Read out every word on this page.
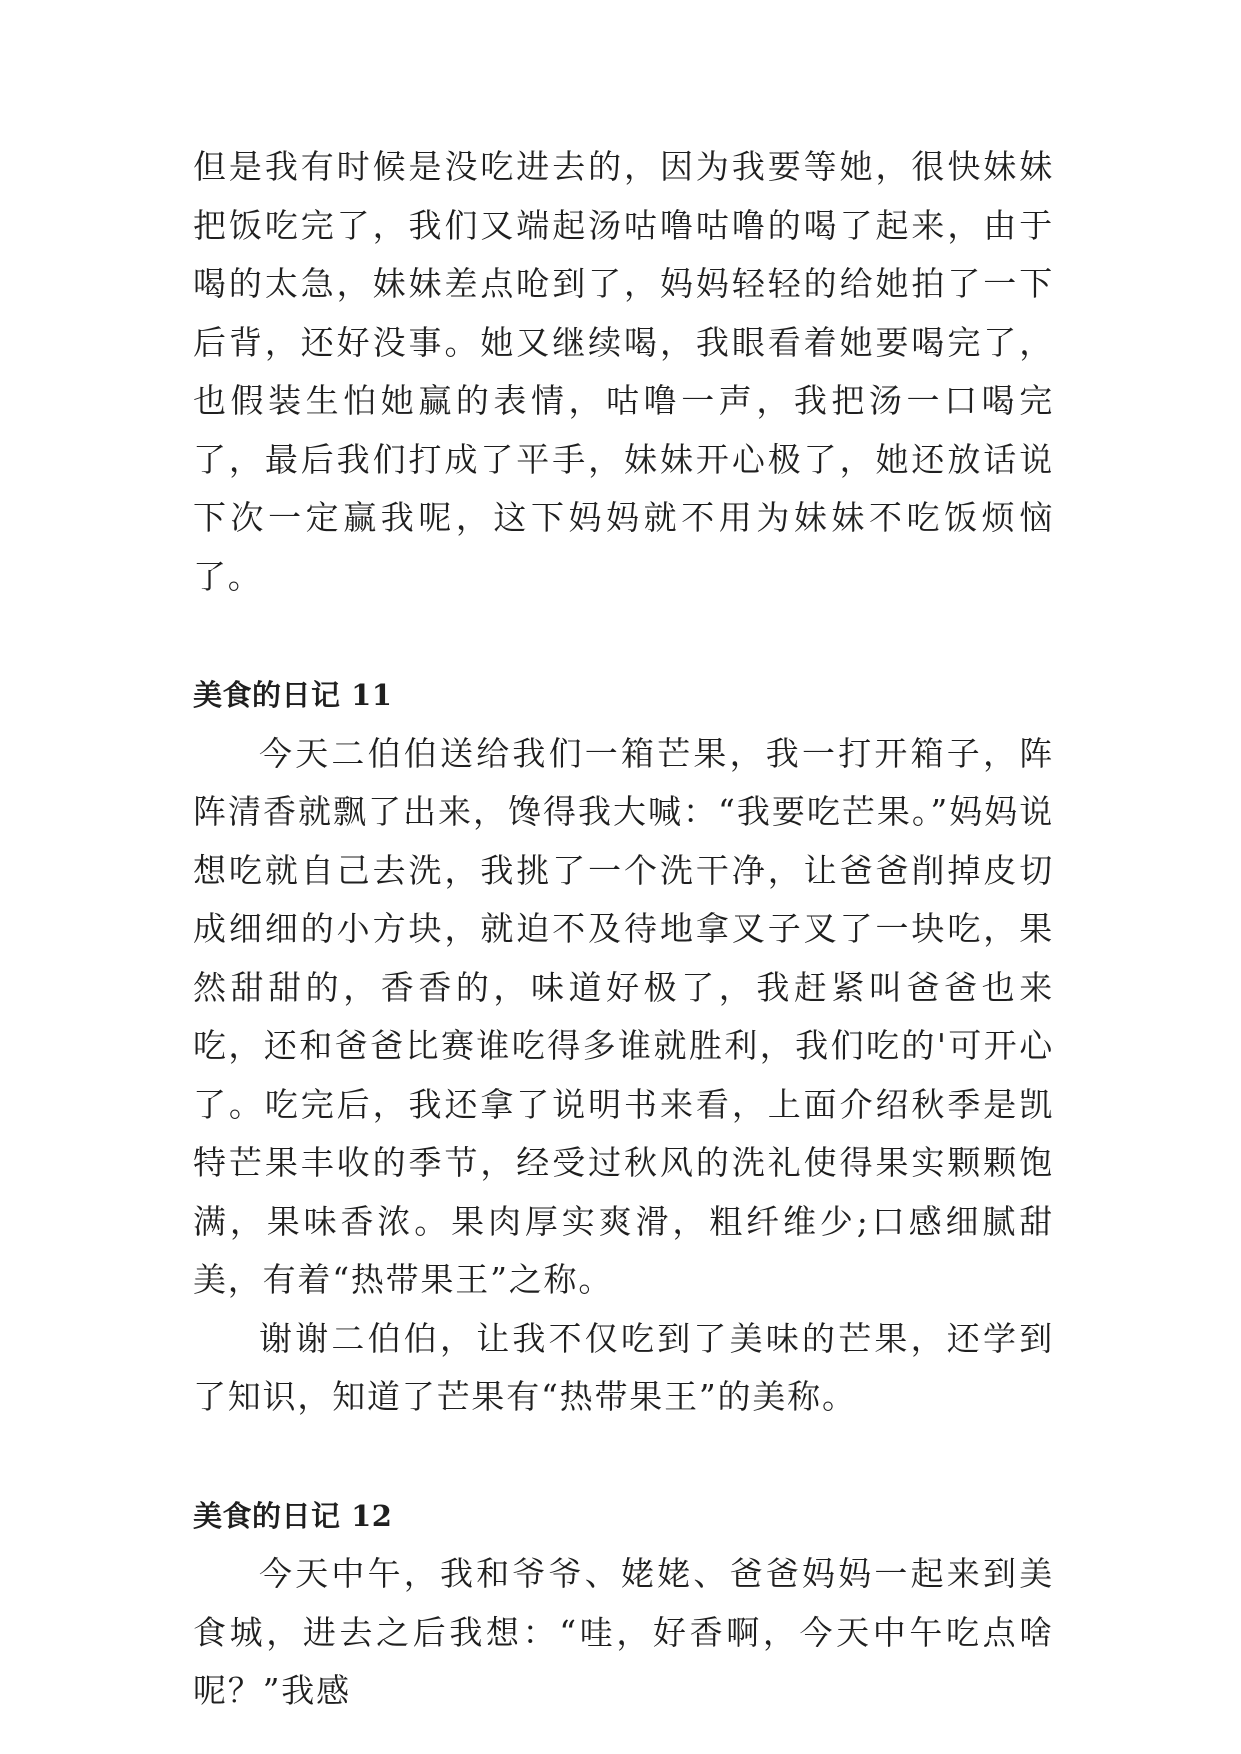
但是我有时候是没吃进去的，因为我要等她，很快妹妹把饭吃完了，我们又端起汤咕噜咕噜的喝了起来，由于喝的太急，妹妹差点呛到了，妈妈轻轻的给她拍了一下后背，还好没事。她又继续喝，我眼看着她要喝完了，也假装生怕她赢的表情，咕噜一声，我把汤一口喝完了，最后我们打成了平手，妹妹开心极了，她还放话说下次一定赢我呢，这下妈妈就不用为妹妹不吃饭烦恼了。

美食的日记 11

今天二伯伯送给我们一箱芒果，我一打开箱子，阵阵清香就飘了出来，馋得我大喊：“我要吃芒果。”妈妈说想吃就自己去洗，我挑了一个洗干净，让爸爸削掉皮切成细细的小方块，就迫不及待地拿叉子叉了一块吃，果然甜甜的，香香的，味道好极了，我赶紧叫爸爸也来吃，还和爸爸比赛谁吃得多谁就胜利，我们吃的'可开心了。吃完后，我还拿了说明书来看，上面介绍秋季是凯特芒果丰收的季节，经受过秋风的洗礼使得果实颗颗饱满，果味香浓。果肉厚实爽滑，粗纤维少;口感细腻甜美，有着“热带果王”之称。

谢谢二伯伯，让我不仅吃到了美味的芒果，还学到了知识，知道了芒果有“热带果王”的美称。

美食的日记 12

今天中午，我和爷爷、姥姥、爸爸妈妈一起来到美食城，进去之后我想：“哇，好香啊，今天中午吃点啥呢？”我感
